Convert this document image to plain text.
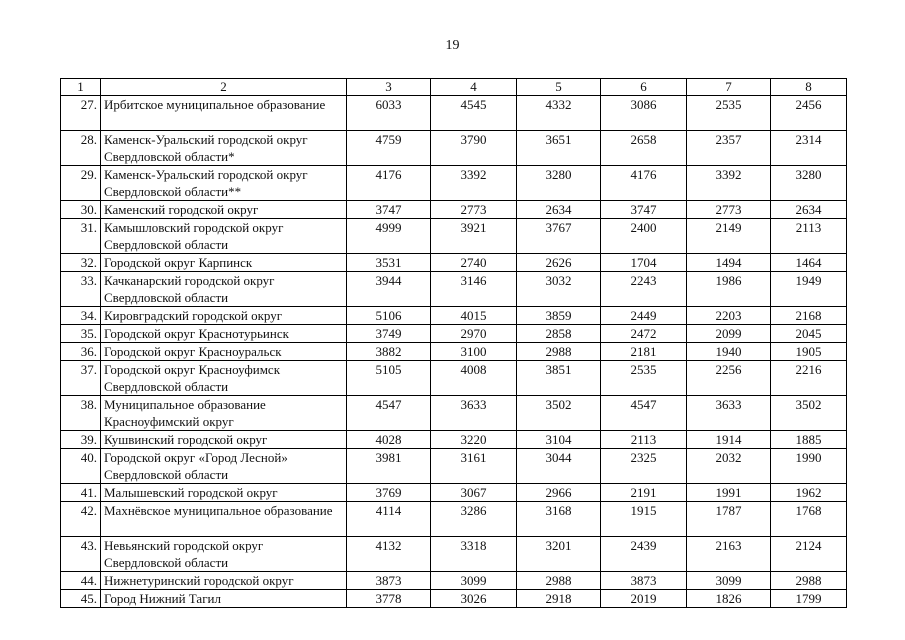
19
1	2	3	4	5	6	7	8
27.	Ирбитское муниципальное образование	6033	4545	4332	3086	2535	2456
28.	Каменск-Уральский городской округ Свердловской области*	4759	3790	3651	2658	2357	2314
29.	Каменск-Уральский городской округ Свердловской области**	4176	3392	3280	4176	3392	3280
30.	Каменский городской округ	3747	2773	2634	3747	2773	2634
31.	Камышловский городской округ Свердловской области	4999	3921	3767	2400	2149	2113
32.	Городской округ Карпинск	3531	2740	2626	1704	1494	1464
33.	Качканарский городской округ Свердловской области	3944	3146	3032	2243	1986	1949
34.	Кировградский городской округ	5106	4015	3859	2449	2203	2168
35.	Городской округ Краснотурьинск	3749	2970	2858	2472	2099	2045
36.	Городской округ Красноуральск	3882	3100	2988	2181	1940	1905
37.	Городской округ Красноуфимск Свердловской области	5105	4008	3851	2535	2256	2216
38.	Муниципальное образование Красноуфимский округ	4547	3633	3502	4547	3633	3502
39.	Кушвинский городской округ	4028	3220	3104	2113	1914	1885
40.	Городской округ «Город Лесной» Свердловской области	3981	3161	3044	2325	2032	1990
41.	Малышевский городской округ	3769	3067	2966	2191	1991	1962
42.	Махнёвское муниципальное образование	4114	3286	3168	1915	1787	1768
43.	Невьянский городской округ Свердловской области	4132	3318	3201	2439	2163	2124
44.	Нижнетуринский городской округ	3873	3099	2988	3873	3099	2988
45.	Город Нижний Тагил	3778	3026	2918	2019	1826	1799
